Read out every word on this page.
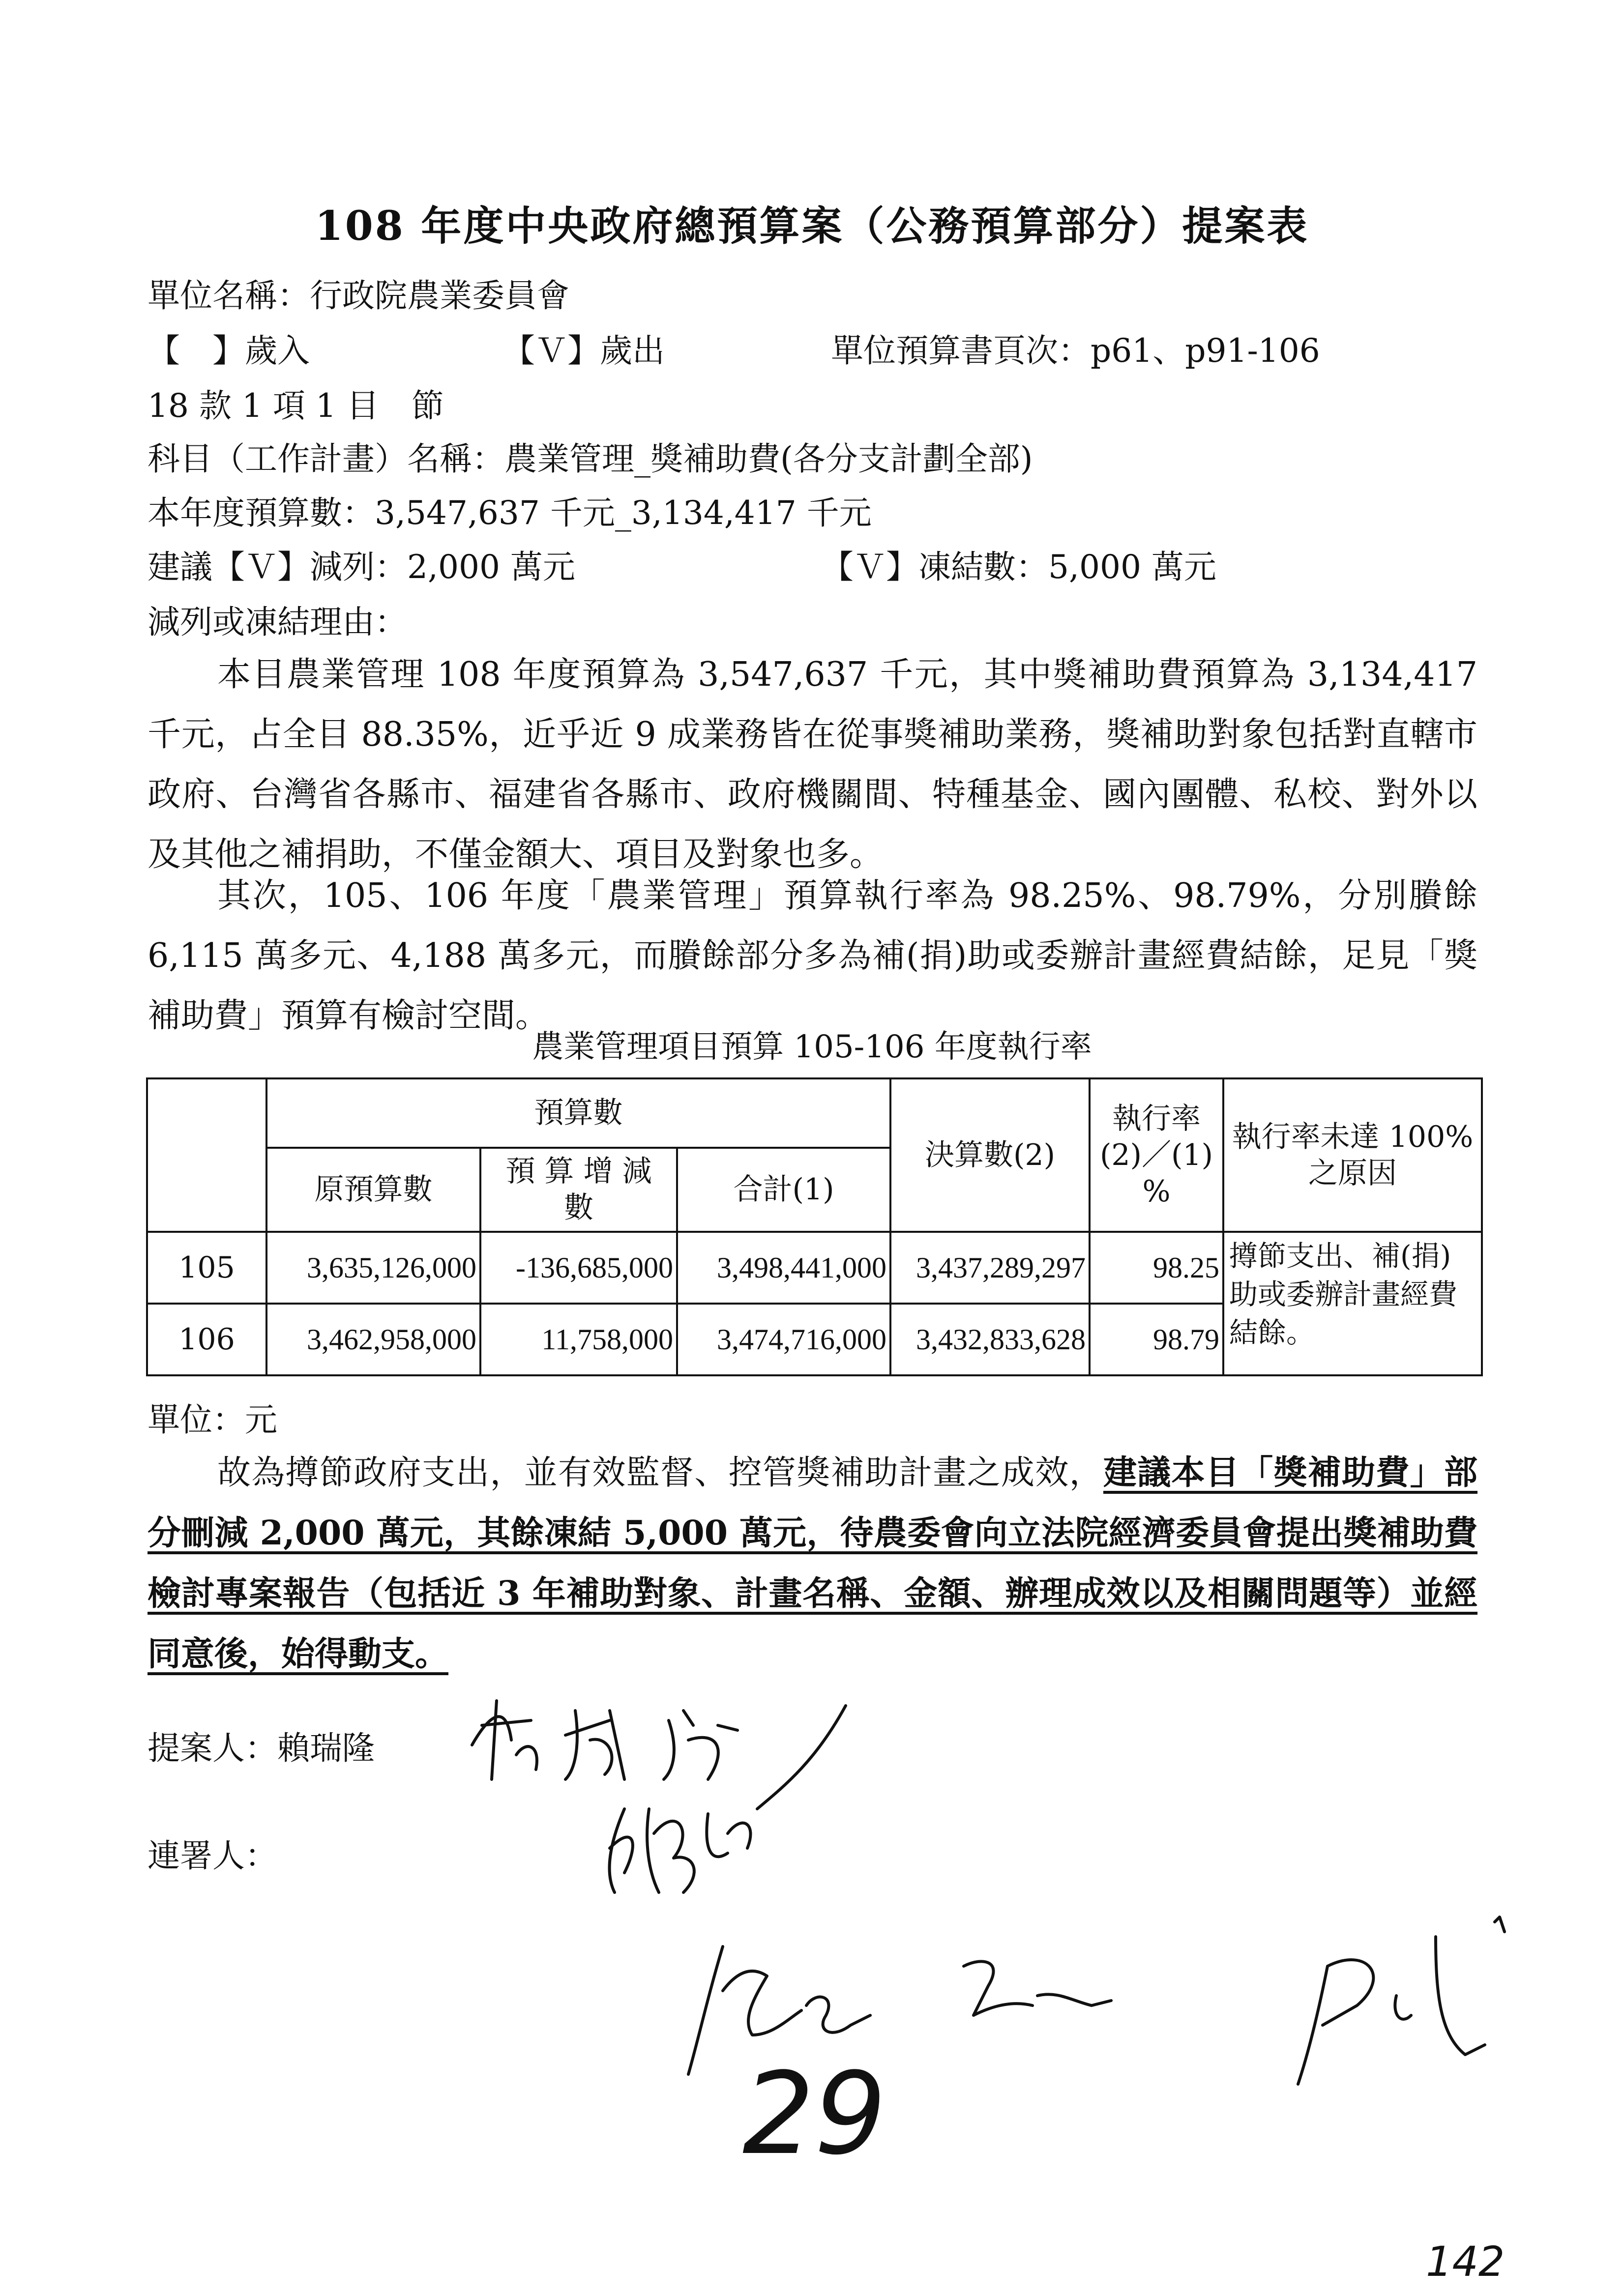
108 年度中央政府總預算案（公務預算部分）提案表
單位名稱：行政院農業委員會
【　】歲入	【Ｖ】歲出	單位預算書頁次：p61、p91-106
18 款 1 項 1 目　節
科目（工作計畫）名稱：農業管理_獎補助費(各分支計劃全部)
本年度預算數：3,547,637 千元_3,134,417 千元
建議【Ｖ】減列：2,000 萬元	【Ｖ】凍結數：5,000 萬元
減列或凍結理由：
本目農業管理 108 年度預算為 3,547,637 千元，其中獎補助費預算為 3,134,417 千元，占全目 88.35%，近乎近 9 成業務皆在從事獎補助業務，獎補助對象包括對直轄市政府、台灣省各縣市、福建省各縣市、政府機關間、特種基金、國內團體、私校、對外以及其他之補捐助，不僅金額大、項目及對象也多。
其次，105、106 年度「農業管理」預算執行率為 98.25%、98.79%，分別賸餘 6,115 萬多元、4,188 萬多元，而賸餘部分多為補(捐)助或委辦計畫經費結餘，足見「獎補助費」預算有檢討空間。
農業管理項目預算 105-106 年度執行率
	預算數			決算數(2)	執行率 (2)／(1) %	執行率未達 100% 之原因
	原預算數	預 算 增 減 數	合計(1)			
105	3,635,126,000	-136,685,000	3,498,441,000	3,437,289,297	98.25	撙節支出、補(捐)助或委辦計畫經費結餘。
106	3,462,958,000	11,758,000	3,474,716,000	3,432,833,628	98.79	
單位：元
故為撙節政府支出，並有效監督、控管獎補助計畫之成效，建議本目「獎補助費」部分刪減 2,000 萬元，其餘凍結 5,000 萬元，待農委會向立法院經濟委員會提出獎補助費檢討專案報告（包括近 3 年補助對象、計畫名稱、金額、辦理成效以及相關問題等）並經同意後，始得動支。
提案人：賴瑞隆
連署人：
29
142
